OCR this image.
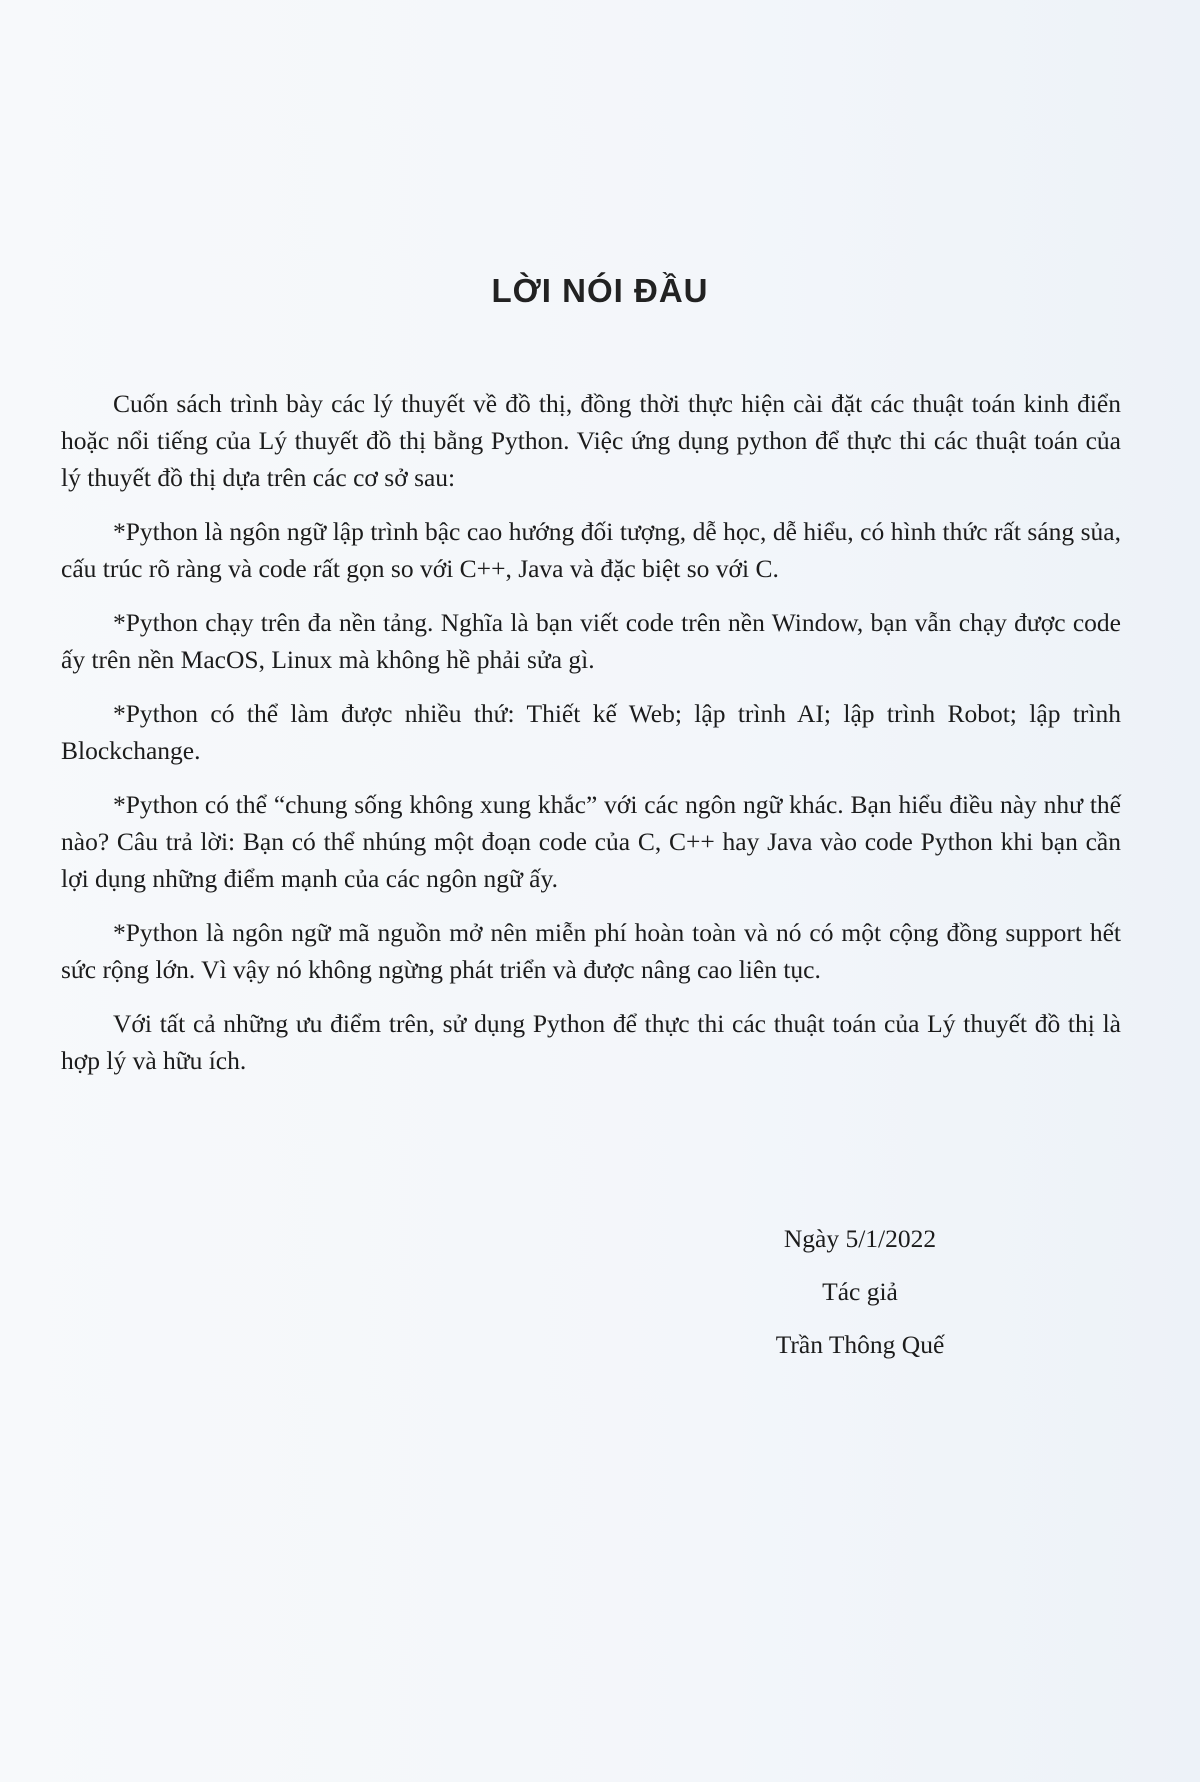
LỜI NÓI ĐẦU

Cuốn sách trình bày các lý thuyết về đồ thị, đồng thời thực hiện cài đặt các thuật toán kinh điển hoặc nổi tiếng của Lý thuyết đồ thị bằng Python. Việc ứng dụng python để thực thi các thuật toán của lý thuyết đồ thị dựa trên các cơ sở sau:

*Python là ngôn ngữ lập trình bậc cao hướng đối tượng, dễ học, dễ hiểu, có hình thức rất sáng sủa, cấu trúc rõ ràng và code rất gọn so với C++, Java và đặc biệt so với C.

*Python chạy trên đa nền tảng. Nghĩa là bạn viết code trên nền Window, bạn vẫn chạy được code ấy trên nền MacOS, Linux mà không hề phải sửa gì.

*Python có thể làm được nhiều thứ: Thiết kế Web; lập trình AI; lập trình Robot; lập trình Blockchange.

*Python có thể “chung sống không xung khắc” với các ngôn ngữ khác. Bạn hiểu điều này như thế nào? Câu trả lời: Bạn có thể nhúng một đoạn code của C, C++ hay Java vào code Python khi bạn cần lợi dụng những điểm mạnh của các ngôn ngữ ấy.

*Python là ngôn ngữ mã nguồn mở nên miễn phí hoàn toàn và nó có một cộng đồng support hết sức rộng lớn. Vì vậy nó không ngừng phát triển và được nâng cao liên tục.

Với tất cả những ưu điểm trên, sử dụng Python để thực thi các thuật toán của Lý thuyết đồ thị là hợp lý và hữu ích.

Ngày 5/1/2022
Tác giả
Trần Thông Quế
